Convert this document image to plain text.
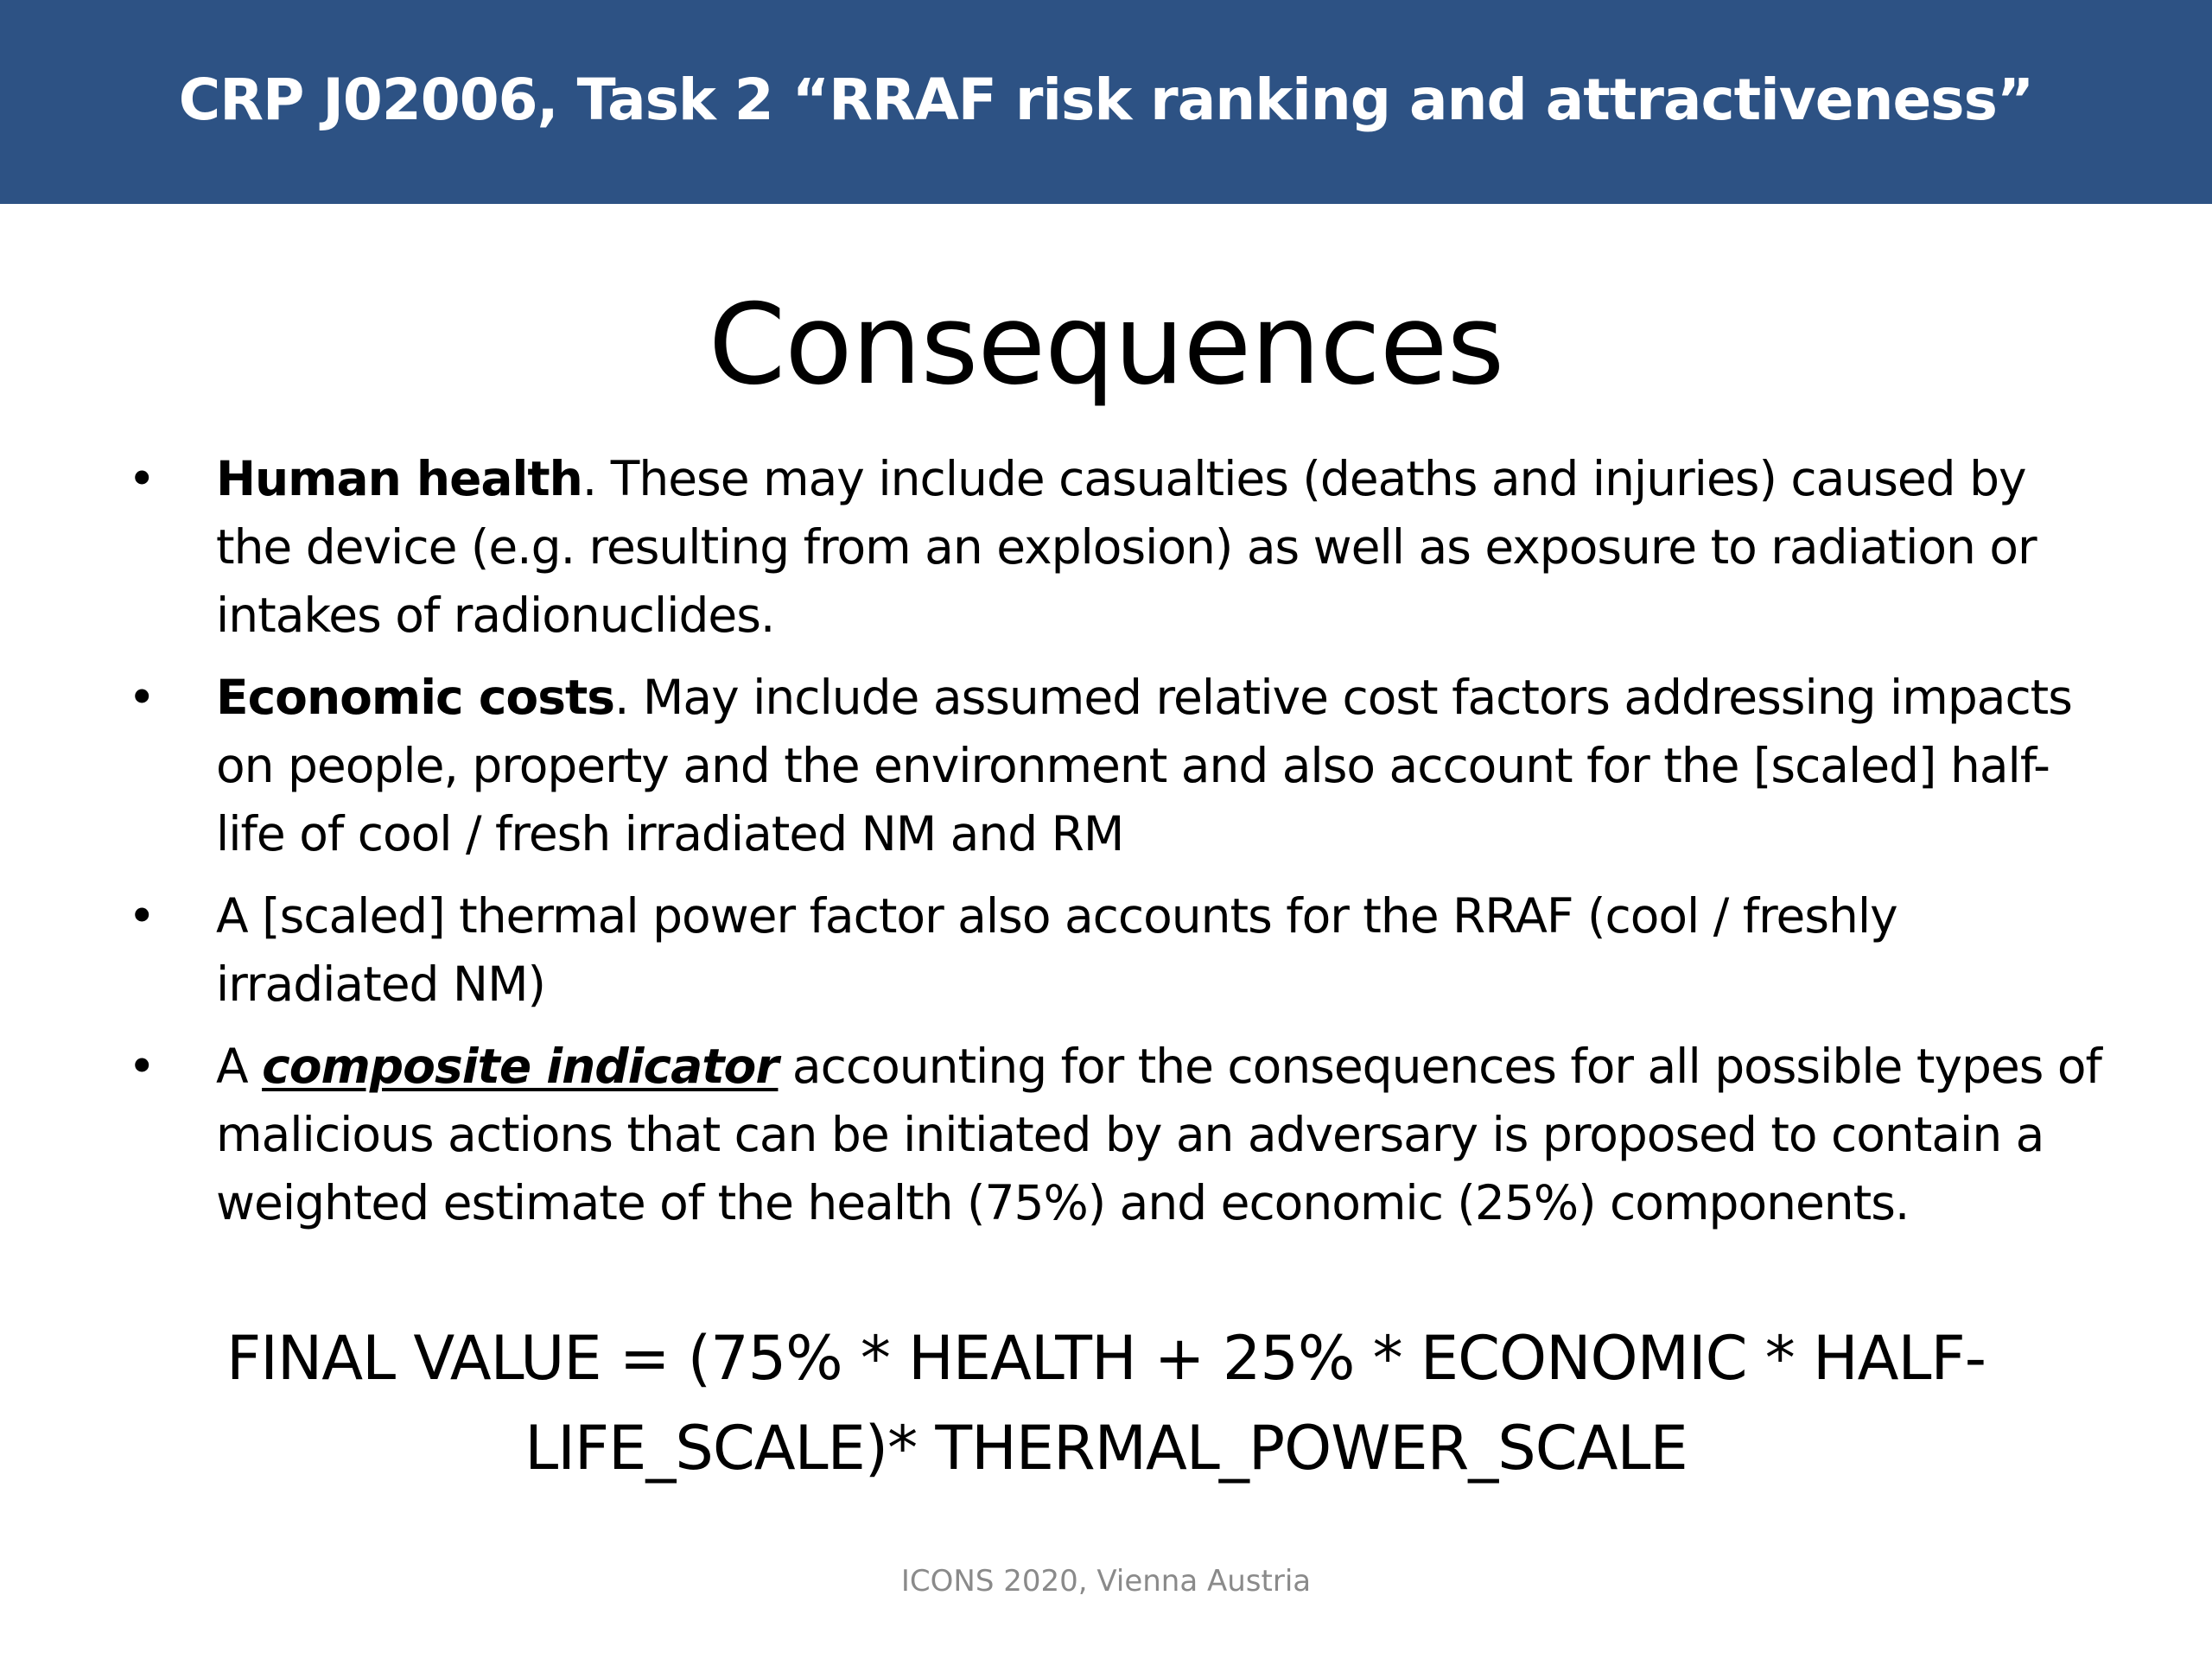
CRP J02006, Task 2 “RRAF risk ranking and attractiveness”
Consequences
• Human health. These may include casualties (deaths and injuries) caused by the device (e.g. resulting from an explosion) as well as exposure to radiation or intakes of radionuclides.
• Economic costs. May include assumed relative cost factors addressing impacts on people, property and the environment and also account for the [scaled] half-life of cool / fresh irradiated NM and RM
• A [scaled] thermal power factor also accounts for the RRAF (cool / freshly irradiated NM)
• A composite indicator accounting for the consequences for all possible types of malicious actions that can be initiated by an adversary is proposed to contain a weighted estimate of the health (75%) and economic (25%) components.
FINAL VALUE = (75% * HEALTH + 25% * ECONOMIC * HALF-
LIFE_SCALE)* THERMAL_POWER_SCALE
ICONS 2020, Vienna Austria
